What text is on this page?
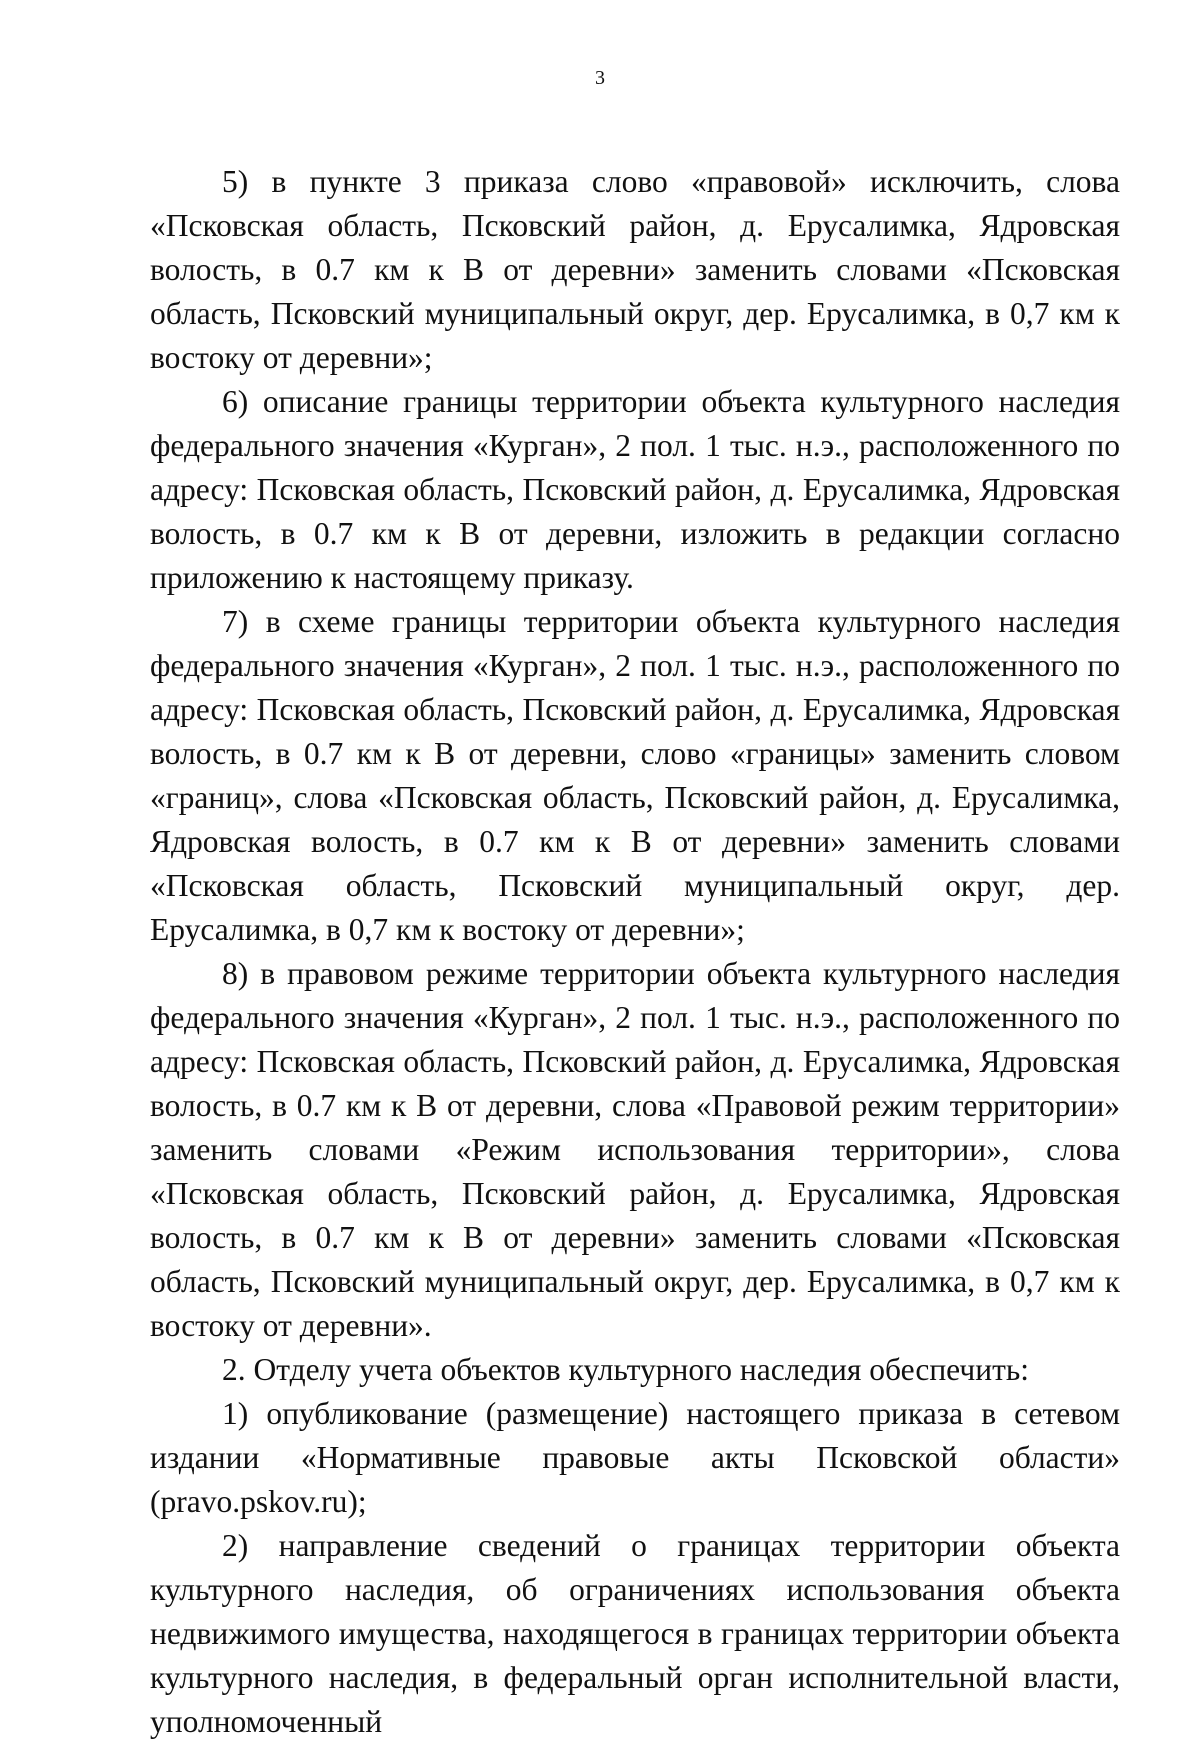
3

5) в пункте 3 приказа слово «правовой» исключить, слова «Псковская область, Псковский район, д. Ерусалимка, Ядровская волость, в 0.7 км к В от деревни» заменить словами «Псковская область, Псковский муниципальный округ, дер. Ерусалимка, в 0,7 км к востоку от деревни»;

6) описание границы территории объекта культурного наследия федерального значения «Курган», 2 пол. 1 тыс. н.э., расположенного по адресу: Псковская область, Псковский район, д. Ерусалимка, Ядровская волость, в 0.7 км к В от деревни, изложить в редакции согласно приложению к настоящему приказу.

7) в схеме границы территории объекта культурного наследия федерального значения «Курган», 2 пол. 1 тыс. н.э., расположенного по адресу: Псковская область, Псковский район, д. Ерусалимка, Ядровская волость, в 0.7 км к В от деревни, слово «границы» заменить словом «границ», слова «Псковская область, Псковский район, д. Ерусалимка, Ядровская волость, в 0.7 км к В от деревни» заменить словами «Псковская область, Псковский муниципальный округ, дер. Ерусалимка, в 0,7 км к востоку от деревни»;

8) в правовом режиме территории объекта культурного наследия федерального значения «Курган», 2 пол. 1 тыс. н.э., расположенного по адресу: Псковская область, Псковский район, д. Ерусалимка, Ядровская волость, в 0.7 км к В от деревни, слова «Правовой режим территории» заменить словами «Режим использования территории», слова «Псковская область, Псковский район, д. Ерусалимка, Ядровская волость, в 0.7 км к В от деревни» заменить словами «Псковская область, Псковский муниципальный округ, дер. Ерусалимка, в 0,7 км к востоку от деревни».

2. Отделу учета объектов культурного наследия обеспечить:

1) опубликование (размещение) настоящего приказа в сетевом издании «Нормативные правовые акты Псковской области» (pravo.pskov.ru);

2) направление сведений о границах территории объекта культурного наследия, об ограничениях использования объекта недвижимого имущества, находящегося в границах территории объекта культурного наследия, в федеральный орган исполнительной власти, уполномоченный
